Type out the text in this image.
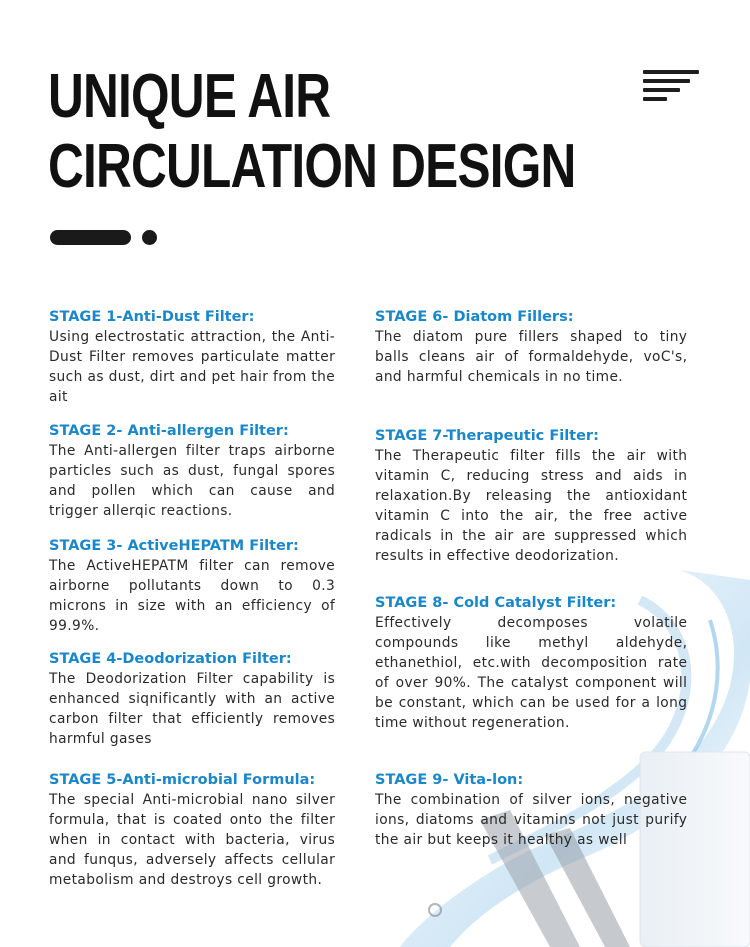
UNIQUE AIR
CIRCULATION DESIGN
STAGE 1-Anti-Dust Filter:

Using electrostatic attraction, the Anti-Dust Filter removes particulate matter such as dust, dirt and pet hair from the ait

STAGE 2- Anti-allergen Filter:

The Anti-allergen filter traps airborne particles such as dust, fungal spores and pollen which can cause and trigger allerqic reactions.

STAGE 3- ActiveHEPATM Filter:

The ActiveHEPATM filter can remove airborne pollutants down to 0.3 microns in size with an efficiency of 99.9%.

STAGE 4-Deodorization Filter:

The Deodorization Filter capability is enhanced siqnificantly with an active carbon filter that efficiently removes harmful gases

STAGE 5-Anti-microbial Formula:

The special Anti-microbial nano silver formula, that is coated onto the filter when in contact with bacteria, virus and funqus, adversely affects cellular metabolism and destroys cell growth.

STAGE 6- Diatom Fillers:

The diatom pure fillers shaped to tiny balls cleans air of formaldehyde, voC's, and harmful chemicals in no time.

STAGE 7-Therapeutic Filter:

The Therapeutic filter fills the air with vitamin C, reducing stress and aids in relaxation.By releasing the antioxidant vitamin C into the air, the free active radicals in the air are suppressed which results in effective deodorization.

STAGE 8- Cold Catalyst Filter:

Effectively decomposes volatile compounds like methyl aldehyde, ethanethiol, etc.with decomposition rate of over 90%. The catalyst component will be constant, which can be used for a long time without regeneration.

STAGE 9- Vita-lon:

The combination of silver ions, negative ions, diatoms and vitamins not just purify the air but keeps it healthy as well
